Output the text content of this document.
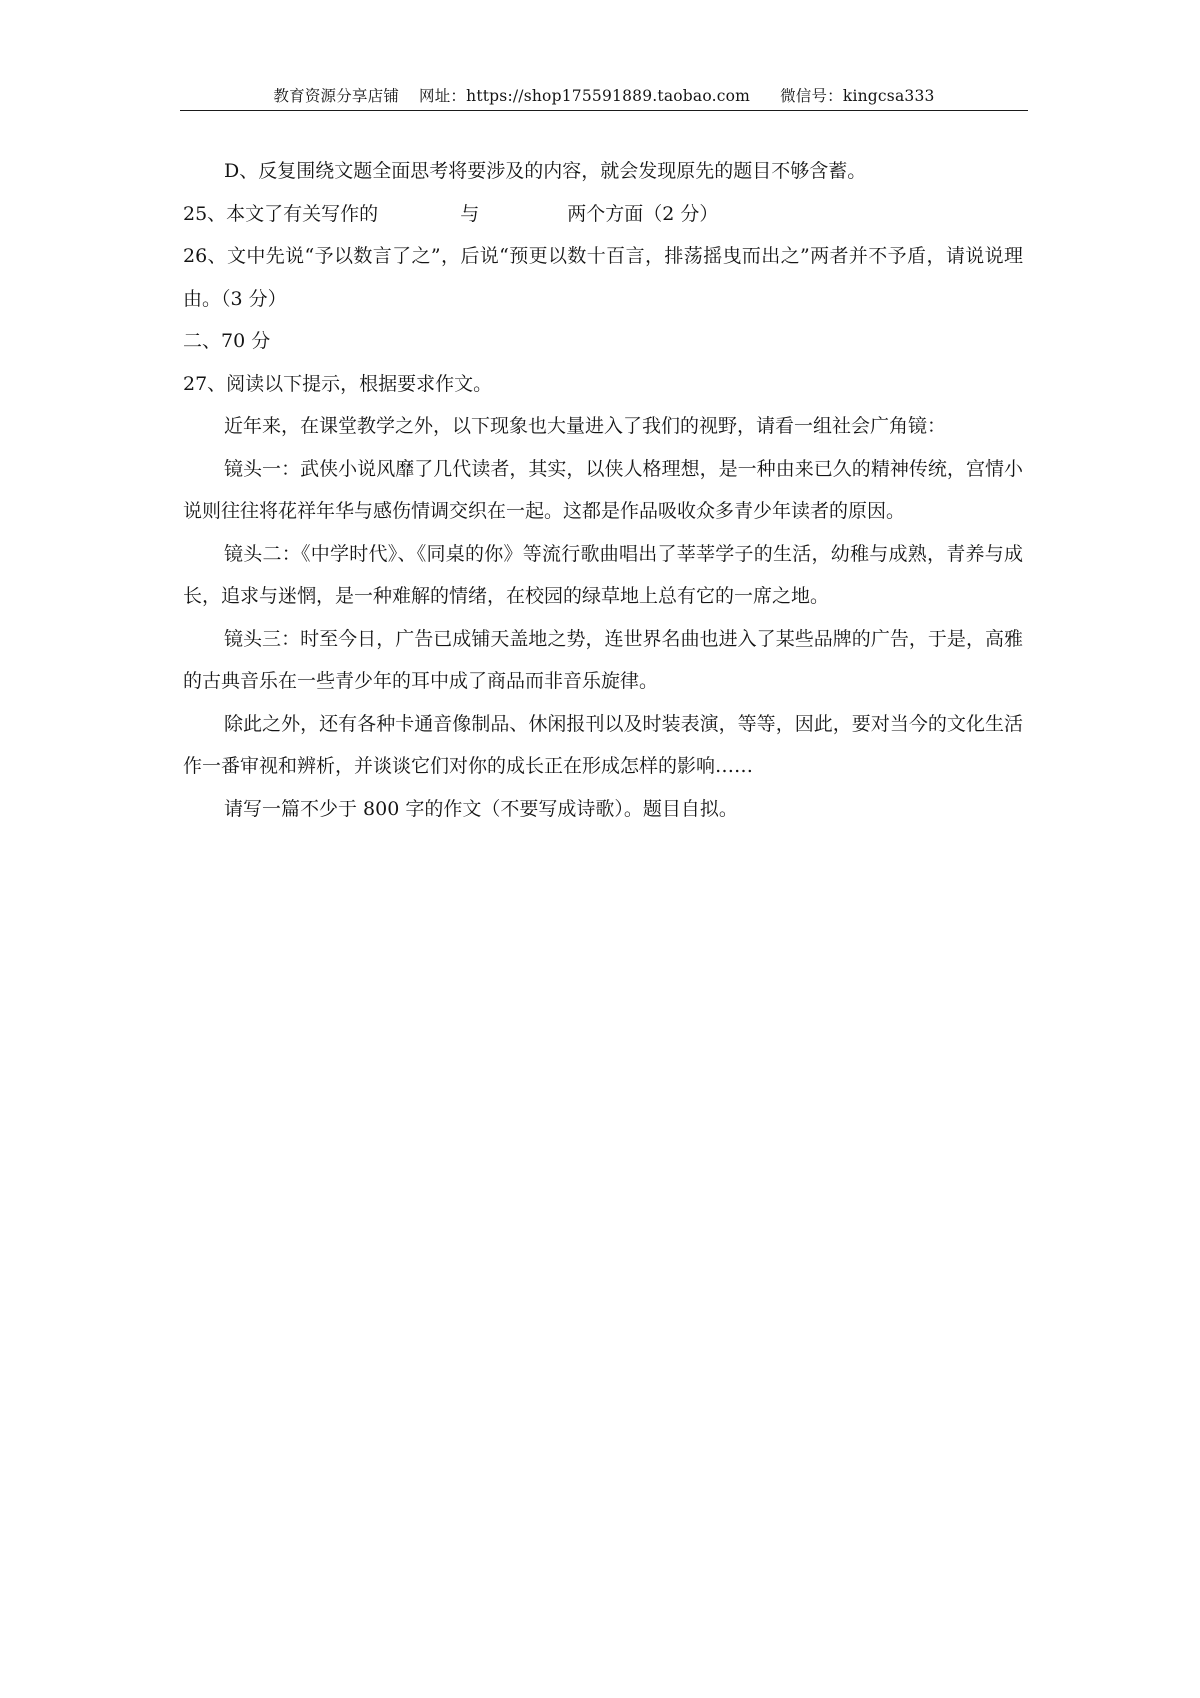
教育资源分享店铺 网址：https://shop175591889.taobao.com 微信号：kingcsa333

D、反复围绕文题全面思考将要涉及的内容，就会发现原先的题目不够含蓄。

25、本文了有关写作的	与	两个方面（2 分）

26、文中先说“予以数言了之”，后说“预更以数十百言，排荡摇曳而出之”两者并不予盾，请说说理由。（3 分）

二、70 分

27、阅读以下提示，根据要求作文。

近年来，在课堂教学之外，以下现象也大量进入了我们的视野，请看一组社会广角镜：

镜头一：武侠小说风靡了几代读者，其实，以侠人格理想，是一种由来已久的精神传统，宫情小说则往往将花祥年华与感伤情调交织在一起。这都是作品吸收众多青少年读者的原因。

镜头二：《中学时代》、《同桌的你》等流行歌曲唱出了莘莘学子的生活，幼稚与成熟，青养与成长，追求与迷惘，是一种难解的情绪，在校园的绿草地上总有它的一席之地。

镜头三：时至今日，广告已成铺天盖地之势，连世界名曲也进入了某些品牌的广告，于是，高雅的古典音乐在一些青少年的耳中成了商品而非音乐旋律。

除此之外，还有各种卡通音像制品、休闲报刊以及时装表演，等等，因此，要对当今的文化生活作一番审视和辨析，并谈谈它们对你的成长正在形成怎样的影响……

请写一篇不少于 800 字的作文（不要写成诗歌）。题目自拟。
